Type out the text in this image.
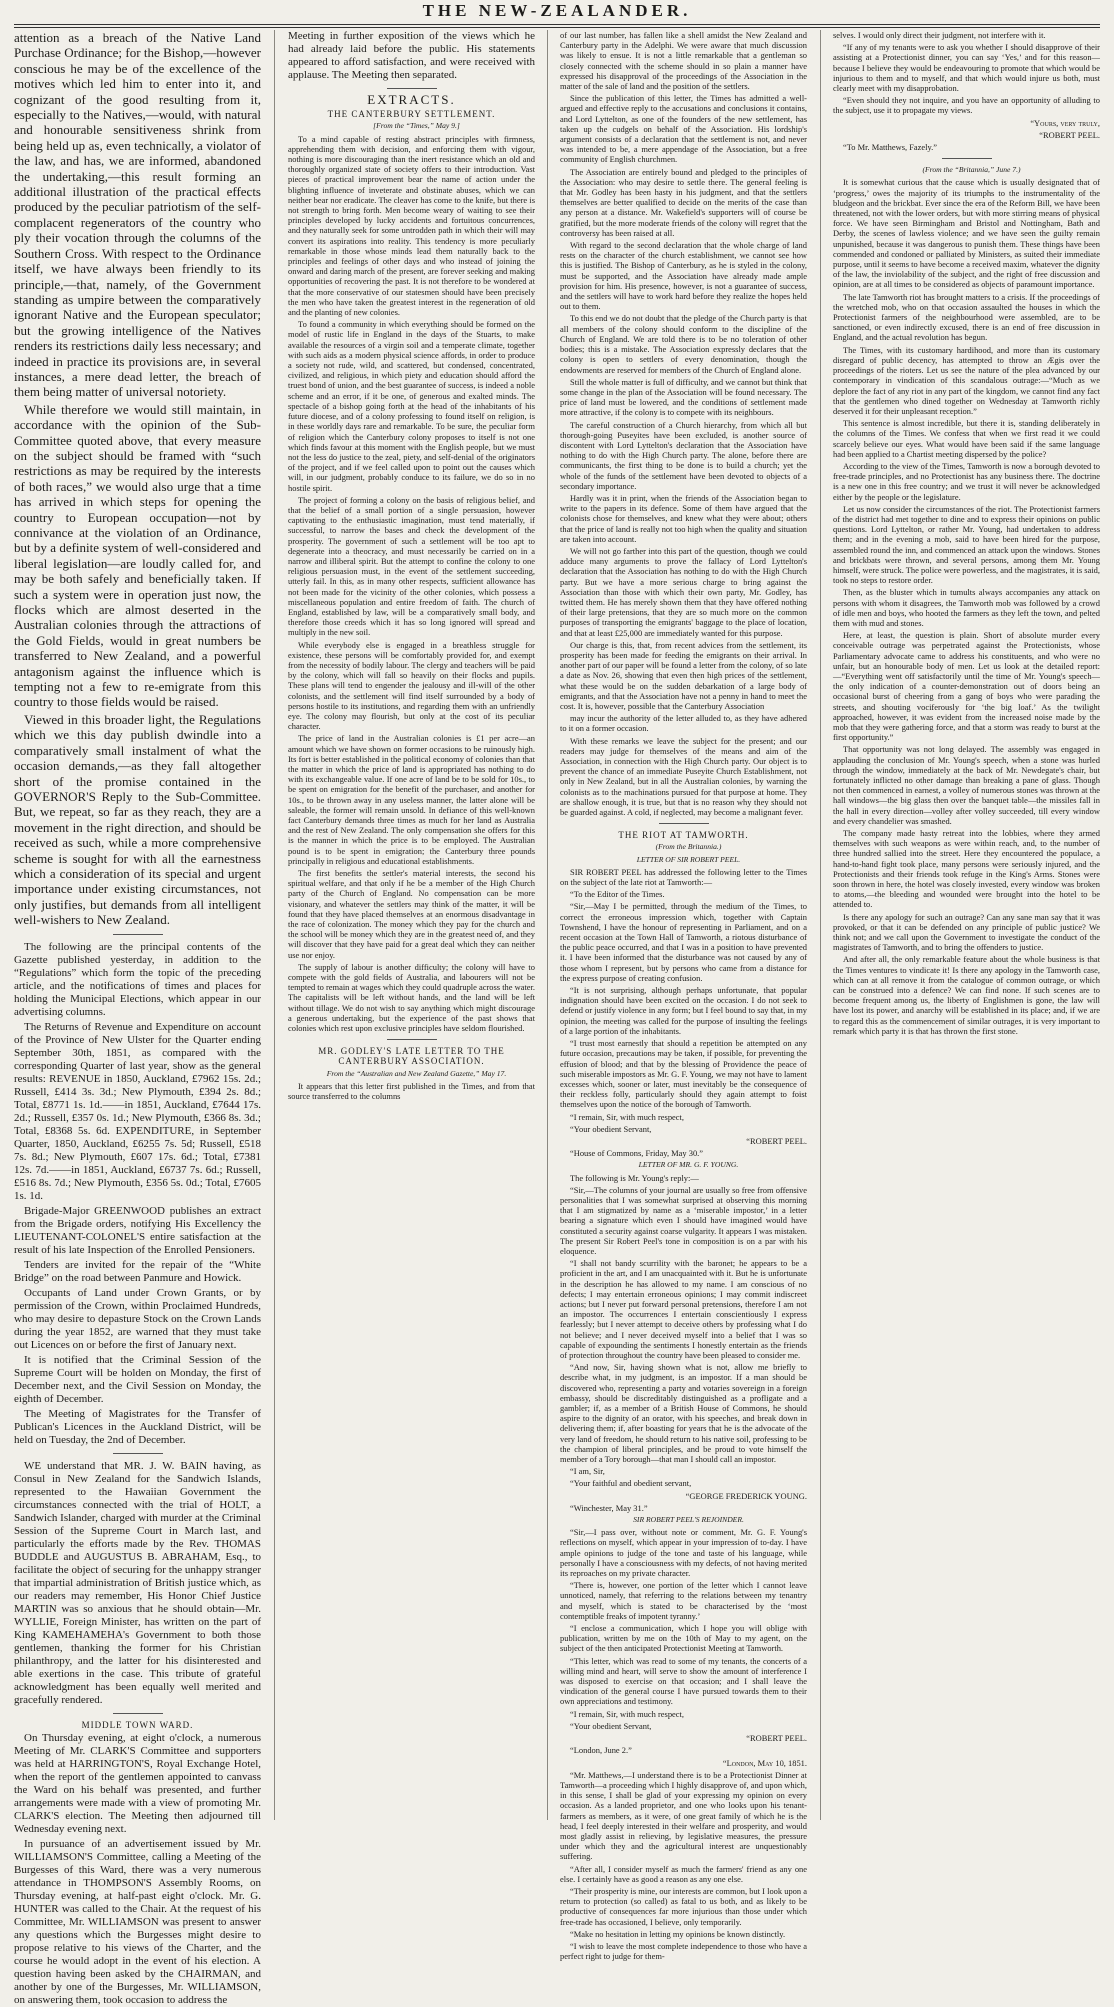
THE NEW-ZEALANDER.

attention as a breach of the Native Land Purchase Ordinance; for the Bishop,—however conscious he may be of the excellence of the motives which led him to enter into it, and cognizant of the good resulting from it, especially to the Natives,—would, with natural and honourable sensitiveness shrink from being held up as, even technically, a violator of the law, and has, we are informed, abandoned the undertaking,—this result forming an additional illustration of the practical effects produced by the peculiar patriotism of the self-complacent regenerators of the country who ply their vocation through the columns of the Southern Cross. With respect to the Ordinance itself, we have always been friendly to its principle,—that, namely, of the Government standing as umpire between the comparatively ignorant Native and the European speculator; but the growing intelligence of the Natives renders its restrictions daily less necessary; and indeed in practice its provisions are, in several instances, a mere dead letter, the breach of them being matter of universal notoriety.

While therefore we would still maintain, in accordance with the opinion of the Sub-Committee quoted above, that every measure on the subject should be framed with “such restrictions as may be required by the interests of both races,” we would also urge that a time has arrived in which steps for opening the country to European occupation—not by connivance at the violation of an Ordinance, but by a definite system of well-considered and liberal legislation—are loudly called for, and may be both safely and beneficially taken. If such a system were in operation just now, the flocks which are almost deserted in the Australian colonies through the attractions of the Gold Fields, would in great numbers be transferred to New Zealand, and a powerful antagonism against the influence which is tempting not a few to re-emigrate from this country to those fields would be raised.

Viewed in this broader light, the Regulations which we this day publish dwindle into a comparatively small instalment of what the occasion demands,—as they fall altogether short of the promise contained in the GOVERNOR'S Reply to the Sub-Committee. But, we repeat, so far as they reach, they are a movement in the right direction, and should be received as such, while a more comprehensive scheme is sought for with all the earnestness which a consideration of its special and urgent importance under existing circumstances, not only justifies, but demands from all intelligent well-wishers to New Zealand.

The following are the principal contents of the Gazette published yesterday, in addition to the “Regulations” which form the topic of the preceding article, and the notifications of times and places for holding the Municipal Elections, which appear in our advertising columns.

The Returns of Revenue and Expenditure on account of the Province of New Ulster for the Quarter ending September 30th, 1851, as compared with the corresponding Quarter of last year, show as the general results: REVENUE in 1850, Auckland, £7962 15s. 2d.; Russell, £414 3s. 3d.; New Plymouth, £394 2s. 8d.; Total, £8771 1s. 1d.——in 1851, Auckland, £7644 17s. 2d.; Russell, £357 0s. 1d.; New Plymouth, £366 8s. 3d.; Total, £8368 5s. 6d. EXPENDITURE, in September Quarter, 1850, Auckland, £6255 7s. 5d; Russell, £518 7s. 8d.; New Plymouth, £607 17s. 6d.; Total, £7381 12s. 7d.——in 1851, Auckland, £6737 7s. 6d.; Russell, £516 8s. 7d.; New Plymouth, £356 5s. 0d.; Total, £7605 1s. 1d.

Brigade-Major GREENWOOD publishes an extract from the Brigade orders, notifying His Excellency the LIEUTENANT-COLONEL'S entire satisfaction at the result of his late Inspection of the Enrolled Pensioners.

Tenders are invited for the repair of the “White Bridge” on the road between Panmure and Howick.

Occupants of Land under Crown Grants, or by permission of the Crown, within Proclaimed Hundreds, who may desire to depasture Stock on the Crown Lands during the year 1852, are warned that they must take out Licences on or before the first of January next.

It is notified that the Criminal Session of the Supreme Court will be holden on Monday, the first of December next, and the Civil Session on Monday, the eighth of December.

The Meeting of Magistrates for the Transfer of Publican's Licences in the Auckland District, will be held on Tuesday, the 2nd of December.

WE understand that MR. J. W. BAIN having, as Consul in New Zealand for the Sandwich Islands, represented to the Hawaiian Government the circumstances connected with the trial of HOLT, a Sandwich Islander, charged with murder at the Criminal Session of the Supreme Court in March last, and particularly the efforts made by the Rev. THOMAS BUDDLE and AUGUSTUS B. ABRAHAM, Esq., to facilitate the object of securing for the unhappy stranger that impartial administration of British justice which, as our readers may remember, His Honor Chief Justice MARTIN was so anxious that he should obtain—Mr. WYLLIE, Foreign Minister, has written on the part of King KAMEHAMEHA's Government to both those gentlemen, thanking the former for his Christian philanthropy, and the latter for his disinterested and able exertions in the case. This tribute of grateful acknowledgment has been equally well merited and gracefully rendered.

MIDDLE TOWN WARD.

On Thursday evening, at eight o'clock, a numerous Meeting of Mr. CLARK'S Committee and supporters was held at HARRINGTON'S, Royal Exchange Hotel, when the report of the gentlemen appointed to canvass the Ward on his behalf was presented, and further arrangements were made with a view of promoting Mr. CLARK'S election. The Meeting then adjourned till Wednesday evening next.

In pursuance of an advertisement issued by Mr. WILLIAMSON'S Committee, calling a Meeting of the Burgesses of this Ward, there was a very numerous attendance in THOMPSON'S Assembly Rooms, on Thursday evening, at half-past eight o'clock. Mr. G. HUNTER was called to the Chair. At the request of his Committee, Mr. WILLIAMSON was present to answer any questions which the Burgesses might desire to propose relative to his views of the Charter, and the course he would adopt in the event of his election. A question having been asked by the CHAIRMAN, and another by one of the Burgesses, Mr. WILLIAMSON, on answering them, took occasion to address the

Meeting in further exposition of the views which he had already laid before the public. His statements appeared to afford satisfaction, and were received with applause. The Meeting then separated.

EXTRACTS.
THE CANTERBURY SETTLEMENT.

[From the “Times,” May 9.]

To a mind capable of resting abstract principles with firmness, apprehending them with decision, and enforcing them with vigour, nothing is more discouraging than the inert resistance which an old and thoroughly organized state of society offers to their introduction. Vast pieces of practical improvement bear the name of action under the blighting influence of inveterate and obstinate abuses, which we can neither bear nor eradicate. The cleaver has come to the knife, but there is not strength to bring forth. Men become weary of waiting to see their principles developed by lucky accidents and fortuitous concurrences, and they naturally seek for some untrodden path in which their will may convert its aspirations into reality. This tendency is more peculiarly remarkable in those whose minds lead them naturally back to the principles and feelings of other days and who instead of joining the onward and daring march of the present, are forever seeking and making opportunities of recovering the past. It is not therefore to be wondered at that the more conservative of our statesmen should have been precisely the men who have taken the greatest interest in the regeneration of old and the planting of new colonies.

To found a community in which everything should be formed on the model of rustic life in England in the days of the Stuarts, to make available the resources of a virgin soil and a temperate climate, together with such aids as a modern physical science affords, in order to produce a society not rude, wild, and scattered, but condensed, concentrated, civilized, and religious, in which piety and education should afford the truest bond of union, and the best guarantee of success, is indeed a noble scheme and an error, if it be one, of generous and exalted minds. The spectacle of a bishop going forth at the head of the inhabitants of his future diocese, and of a colony professing to found itself on religion, is in these worldly days rare and remarkable. To be sure, the peculiar form of religion which the Canterbury colony proposes to itself is not one which finds favour at this moment with the English people, but we must not the less do justice to the zeal, piety, and self-denial of the originators of the project, and if we feel called upon to point out the causes which will, in our judgment, probably conduce to its failure, we do so in no hostile spirit.

The project of forming a colony on the basis of religious belief, and that the belief of a small portion of a single persuasion, however captivating to the enthusiastic imagination, must tend materially, if successful, to narrow the bases and check the development of the prosperity. The government of such a settlement will be too apt to degenerate into a theocracy, and must necessarily be carried on in a narrow and illiberal spirit. But the attempt to confine the colony to one religious persuasion must, in the event of the settlement succeeding, utterly fail. In this, as in many other respects, sufficient allowance has not been made for the vicinity of the other colonies, which possess a miscellaneous population and entire freedom of faith. The church of England, established by law, will be a comparatively small body, and therefore those creeds which it has so long ignored will spread and multiply in the new soil.

While everybody else is engaged in a breathless struggle for existence, these persons will be comfortably provided for, and exempt from the necessity of bodily labour. The clergy and teachers will be paid by the colony, which will fall so heavily on their flocks and pupils. These plans will tend to engender the jealousy and ill-will of the other colonists, and the settlement will find itself surrounded by a body of persons hostile to its institutions, and regarding them with an unfriendly eye. The colony may flourish, but only at the cost of its peculiar character.

The price of land in the Australian colonies is £1 per acre—an amount which we have shown on former occasions to be ruinously high. Its fort is better established in the political economy of colonies than that the matter in which the price of land is appropriated has nothing to do with its exchangeable value. If one acre of land be to be sold for 10s., to be spent on emigration for the benefit of the purchaser, and another for 10s., to be thrown away in any useless manner, the latter alone will be saleable, the former will remain unsold. In defiance of this well-known fact Canterbury demands three times as much for her land as Australia and the rest of New Zealand. The only compensation she offers for this is the manner in which the price is to be employed. The Australian pound is to be spent in emigration; the Canterbury three pounds principally in religious and educational establishments.

The first benefits the settler's material interests, the second his spiritual welfare, and that only if he be a member of the High Church party of the Church of England. No compensation can be more visionary, and whatever the settlers may think of the matter, it will be found that they have placed themselves at an enormous disadvantage in the race of colonization. The money which they pay for the church and the school will be money which they are in the greatest need of, and they will discover that they have paid for a great deal which they can neither use nor enjoy.

The supply of labour is another difficulty; the colony will have to compete with the gold fields of Australia, and labourers will not be tempted to remain at wages which they could quadruple across the water. The capitalists will be left without hands, and the land will be left without tillage. We do not wish to say anything which might discourage a generous undertaking, but the experience of the past shows that colonies which rest upon exclusive principles have seldom flourished.

MR. GODLEY'S LATE LETTER TO THE CANTERBURY ASSOCIATION.

From the “Australian and New Zealand Gazette,” May 17.

It appears that this letter first published in the Times, and from that source transferred to the columns

of our last number, has fallen like a shell amidst the New Zealand and Canterbury party in the Adelphi. We were aware that much discussion was likely to ensue. It is not a little remarkable that a gentleman so closely connected with the scheme should in so plain a manner have expressed his disapproval of the proceedings of the Association in the matter of the sale of land and the position of the settlers.

Since the publication of this letter, the Times has admitted a well-argued and effective reply to the accusations and conclusions it contains, and Lord Lyttelton, as one of the founders of the new settlement, has taken up the cudgels on behalf of the Association. His lordship's argument consists of a declaration that the settlement is not, and never was intended to be, a mere appendage of the Association, but a free community of English churchmen.

The Association are entirely bound and pledged to the principles of the Association: who may desire to settle there. The general feeling is that Mr. Godley has been hasty in his judgment, and that the settlers themselves are better qualified to decide on the merits of the case than any person at a distance. Mr. Wakefield's supporters will of course be gratified, but the more moderate friends of the colony will regret that the controversy has been raised at all.

With regard to the second declaration that the whole charge of land rests on the character of the church establishment, we cannot see how this is justified. The Bishop of Canterbury, as he is styled in the colony, must be supported, and the Association have already made ample provision for him. His presence, however, is not a guarantee of success, and the settlers will have to work hard before they realize the hopes held out to them.

To this end we do not doubt that the pledge of the Church party is that all members of the colony should conform to the discipline of the Church of England. We are told there is to be no toleration of other bodies; this is a mistake. The Association expressly declares that the colony is open to settlers of every denomination, though the endowments are reserved for members of the Church of England alone.

Still the whole matter is full of difficulty, and we cannot but think that some change in the plan of the Association will be found necessary. The price of land must be lowered, and the conditions of settlement made more attractive, if the colony is to compete with its neighbours.

The careful construction of a Church hierarchy, from which all but thorough-going Puseyites have been excluded, is another source of discontent with Lord Lyttelton's declaration that the Association have nothing to do with the High Church party. The alone, before there are communicants, the first thing to be done is to build a church; yet the whole of the funds of the settlement have been devoted to objects of a secondary importance.

Hardly was it in print, when the friends of the Association began to write to the papers in its defence. Some of them have argued that the colonists chose for themselves, and knew what they were about; others that the price of land is really not too high when the quality and situation are taken into account.

We will not go farther into this part of the question, though we could adduce many arguments to prove the fallacy of Lord Lyttelton's declaration that the Association has nothing to do with the High Church party. But we have a more serious charge to bring against the Association than those with which their own party, Mr. Godley, has twitted them. He has merely shown them that they have offered nothing of their large pretensions, that they are so much more on the common purposes of transporting the emigrants' baggage to the place of location, and that at least £25,000 are immediately wanted for this purpose.

Our charge is this, that, from recent advices from the settlement, its prosperity has been made for feeding the emigrants on their arrival. In another part of our paper will be found a letter from the colony, of so late a date as Nov. 26, showing that even then high prices of the settlement, what these would be on the sudden debarkation of a large body of emigrants, and that the Association have not a penny in hand to meet the cost. It is, however, possible that the Canterbury Association

may incur the authority of the letter alluded to, as they have adhered to it on a former occasion.

With these remarks we leave the subject for the present; and our readers may judge for themselves of the means and aim of the Association, in connection with the High Church party. Our object is to prevent the chance of an immediate Puseyite Church Establishment, not only in New Zealand, but in all the Australian colonies, by warning the colonists as to the machinations pursued for that purpose at home. They are shallow enough, it is true, but that is no reason why they should not be guarded against. A cold, if neglected, may become a malignant fever.

THE RIOT AT TAMWORTH.

(From the Britannia.)

LETTER OF SIR ROBERT PEEL.

SIR ROBERT PEEL has addressed the following letter to the Times on the subject of the late riot at Tamworth:—

“To the Editor of the Times.

“Sir,—May I be permitted, through the medium of the Times, to correct the erroneous impression which, together with Captain Townshend, I have the honour of representing in Parliament, and on a recent occasion at the Town Hall of Tamworth, a riotous disturbance of the public peace occurred, and that I was in a position to have prevented it. I have been informed that the disturbance was not caused by any of those whom I represent, but by persons who came from a distance for the express purpose of creating confusion.

“It is not surprising, although perhaps unfortunate, that popular indignation should have been excited on the occasion. I do not seek to defend or justify violence in any form; but I feel bound to say that, in my opinion, the meeting was called for the purpose of insulting the feelings of a large portion of the inhabitants.

“I trust most earnestly that should a repetition be attempted on any future occasion, precautions may be taken, if possible, for preventing the effusion of blood; and that by the blessing of Providence the peace of such miserable impostors as Mr. G. F. Young, we may not have to lament excesses which, sooner or later, must inevitably be the consequence of their reckless folly, particularly should they again attempt to foist themselves upon the notice of the borough of Tamworth.

“I remain, Sir, with much respect,

“Your obedient Servant,

“ROBERT PEEL.

“House of Commons, Friday, May 30.”

LETTER OF MR. G. F. YOUNG.

The following is Mr. Young's reply:—

“Sir,—The columns of your journal are usually so free from offensive personalities that I was somewhat surprised at observing this morning that I am stigmatized by name as a ‘miserable impostor,’ in a letter bearing a signature which even I should have imagined would have constituted a security against coarse vulgarity. It appears I was mistaken. The present Sir Robert Peel's tone in composition is on a par with his eloquence.

“I shall not bandy scurrility with the baronet; he appears to be a proficient in the art, and I am unacquainted with it. But he is unfortunate in the description he has allowed to my name. I am conscious of no defects; I may entertain erroneous opinions; I may commit indiscreet actions; but I never put forward personal pretensions, therefore I am not an impostor. The occurrences I entertain conscientiously I express fearlessly; but I never attempt to deceive others by professing what I do not believe; and I never deceived myself into a belief that I was so capable of expounding the sentiments I honestly entertain as the friends of protection throughout the country have been pleased to consider me.

“And now, Sir, having shown what is not, allow me briefly to describe what, in my judgment, is an impostor. If a man should be discovered who, representing a party and votaries sovereign in a foreign embassy, should be discreditably distinguished as a profligate and a gambler; if, as a member of a British House of Commons, he should aspire to the dignity of an orator, with his speeches, and break down in delivering them; if, after boasting for years that he is the advocate of the very land of freedom, he should return to his native soil, professing to be the champion of liberal principles, and be proud to vote himself the member of a Tory borough—that man I should call an impostor.

“I am, Sir,

“Your faithful and obedient servant,

“GEORGE FREDERICK YOUNG.

“Winchester, May 31.”

SIR ROBERT PEEL'S REJOINDER.

“Sir,—I pass over, without note or comment, Mr. G. F. Young's reflections on myself, which appear in your impression of to-day. I have ample opinions to judge of the tone and taste of his language, while personally I have a consciousness with my defects, of not having merited its reproaches on my private character.

“There is, however, one portion of the letter which I cannot leave unnoticed, namely, that referring to the relations between my tenantry and myself, which is stated to be characterised by the ‘most contemptible freaks of impotent tyranny.’

“I enclose a communication, which I hope you will oblige with publication, written by me on the 10th of May to my agent, on the subject of the then anticipated Protectionist Meeting at Tamworth.

“This letter, which was read to some of my tenants, the concerts of a willing mind and heart, will serve to show the amount of interference I was disposed to exercise on that occasion; and I shall leave the vindication of the general course I have pursued towards them to their own appreciations and testimony.

“I remain, Sir, with much respect,

“Your obedient Servant,

“ROBERT PEEL.

“London, June 2.”

“London, May 10, 1851.

“Mr. Matthews,—I understand there is to be a Protectionist Dinner at Tamworth—a proceeding which I highly disapprove of, and upon which, in this sense, I shall be glad of your expressing my opinion on every occasion. As a landed proprietor, and one who looks upon his tenant-farmers as members, as it were, of one great family of which he is the head, I feel deeply interested in their welfare and prosperity, and would most gladly assist in relieving, by legislative measures, the pressure under which they and the agricultural interest are unquestionably suffering.

“After all, I consider myself as much the farmers' friend as any one else. I certainly have as good a reason as any one else.

“Their prosperity is mine, our interests are common, but I look upon a return to protection (so called) as fatal to us both, and as likely to be productive of consequences far more injurious than those under which free-trade has occasioned, I believe, only temporarily.

“Make no hesitation in letting my opinions be known distinctly.

“I wish to leave the most complete independence to those who have a perfect right to judge for them-

selves. I would only direct their judgment, not interfere with it.

“If any of my tenants were to ask you whether I should disapprove of their assisting at a Protectionist dinner, you can say ‘Yes,’ and for this reason—because I believe they would be endeavouring to promote that which would be injurious to them and to myself, and that which would injure us both, must clearly meet with my disapprobation.

“Even should they not inquire, and you have an opportunity of alluding to the subject, use it to propagate my views.

“Yours, very truly,

“ROBERT PEEL.

“To Mr. Matthews, Fazely.”

(From the “Britannia,” June 7.)

It is somewhat curious that the cause which is usually designated that of ‘progress,’ owes the majority of its triumphs to the instrumentality of the bludgeon and the brickbat. Ever since the era of the Reform Bill, we have been threatened, not with the lower orders, but with more stirring means of physical force. We have seen Birmingham and Bristol and Nottingham, Bath and Derby, the scenes of lawless violence; and we have seen the guilty remain unpunished, because it was dangerous to punish them. These things have been commended and condoned or palliated by Ministers, as suited their immediate purpose, until it seems to have become a received maxim, whatever the dignity of the law, the inviolability of the subject, and the right of free discussion and opinion, are at all times to be considered as objects of paramount importance.

The late Tamworth riot has brought matters to a crisis. If the proceedings of the wretched mob, who on that occasion assaulted the houses in which the Protectionist farmers of the neighbourhood were assembled, are to be sanctioned, or even indirectly excused, there is an end of free discussion in England, and the actual revolution has begun.

The Times, with its customary hardihood, and more than its customary disregard of public decency, has attempted to throw an Ægis over the proceedings of the rioters. Let us see the nature of the plea advanced by our contemporary in vindication of this scandalous outrage:—“Much as we deplore the fact of any riot in any part of the kingdom, we cannot find any fact that the gentlemen who dined together on Wednesday at Tamworth richly deserved it for their unpleasant reception.”

This sentence is almost incredible, but there it is, standing deliberately in the columns of the Times. We confess that when we first read it we could scarcely believe our eyes. What would have been said if the same language had been applied to a Chartist meeting dispersed by the police?

According to the view of the Times, Tamworth is now a borough devoted to free-trade principles, and no Protectionist has any business there. The doctrine is a new one in this free country; and we trust it will never be acknowledged either by the people or the legislature.

Let us now consider the circumstances of the riot. The Protectionist farmers of the district had met together to dine and to express their opinions on public questions. Lord Lyttelton, or rather Mr. Young, had undertaken to address them; and in the evening a mob, said to have been hired for the purpose, assembled round the inn, and commenced an attack upon the windows. Stones and brickbats were thrown, and several persons, among them Mr. Young himself, were struck. The police were powerless, and the magistrates, it is said, took no steps to restore order.

Then, as the bluster which in tumults always accompanies any attack on persons with whom it disagrees, the Tamworth mob was followed by a crowd of idle men and boys, who hooted the farmers as they left the town, and pelted them with mud and stones.

Here, at least, the question is plain. Short of absolute murder every conceivable outrage was perpetrated against the Protectionists, whose Parliamentary advocate came to address his constituents, and who were no unfair, but an honourable body of men. Let us look at the detailed report:—“Everything went off satisfactorily until the time of Mr. Young's speech—the only indication of a counter-demonstration out of doors being an occasional burst of cheering from a gang of boys who were parading the streets, and shouting vociferously for ‘the big loaf.’ As the twilight approached, however, it was evident from the increased noise made by the mob that they were gathering force, and that a storm was ready to burst at the first opportunity.”

That opportunity was not long delayed. The assembly was engaged in applauding the conclusion of Mr. Young's speech, when a stone was hurled through the window, immediately at the back of Mr. Newdegate's chair, but fortunately inflicted no other damage than breaking a pane of glass. Though not then commenced in earnest, a volley of numerous stones was thrown at the hall windows—the big glass then over the banquet table—the missiles fall in the hall in every direction—volley after volley succeeded, till every window and every chandelier was smashed.

The company made hasty retreat into the lobbies, where they armed themselves with such weapons as were within reach, and, to the number of three hundred sallied into the street. Here they encountered the populace, a hand-to-hand fight took place, many persons were seriously injured, and the Protectionists and their friends took refuge in the King's Arms. Stones were soon thrown in here, the hotel was closely invested, every window was broken to atoms,—the bleeding and wounded were brought into the hotel to be attended to.

Is there any apology for such an outrage? Can any sane man say that it was provoked, or that it can be defended on any principle of public justice? We think not; and we call upon the Government to investigate the conduct of the magistrates of Tamworth, and to bring the offenders to justice.

And after all, the only remarkable feature about the whole business is that the Times ventures to vindicate it! Is there any apology in the Tamworth case, which can at all remove it from the catalogue of common outrage, or which can be construed into a defence? We can find none. If such scenes are to become frequent among us, the liberty of Englishmen is gone, the law will have lost its power, and anarchy will be established in its place; and, if we are to regard this as the commencement of similar outrages, it is very important to remark which party it is that has thrown the first stone.
